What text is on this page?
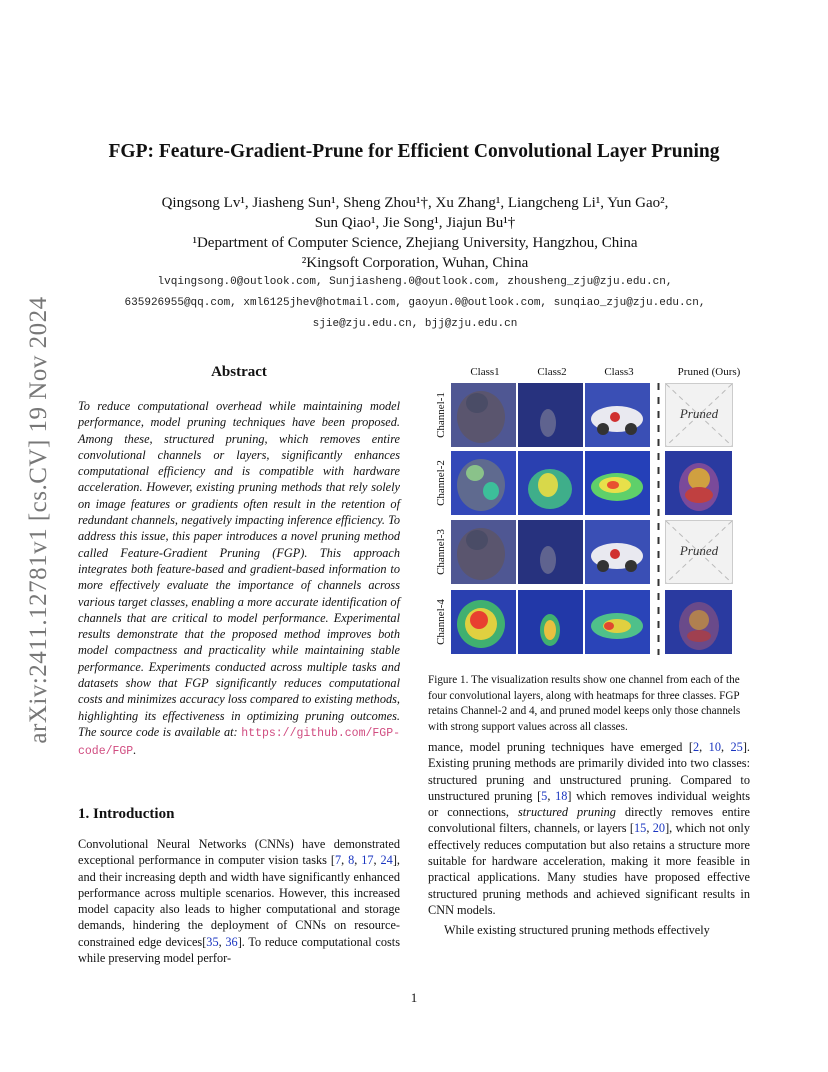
arXiv:2411.12781v1 [cs.CV] 19 Nov 2024
FGP: Feature-Gradient-Prune for Efficient Convolutional Layer Pruning
Qingsong Lv¹, Jiasheng Sun¹, Sheng Zhou¹†, Xu Zhang¹, Liangcheng Li¹, Yun Gao²,
Sun Qiao¹, Jie Song¹, Jiajun Bu¹†
¹Department of Computer Science, Zhejiang University, Hangzhou, China
²Kingsoft Corporation, Wuhan, China
lvqingsong.0@outlook.com, Sunjiasheng.0@outlook.com, zhousheng_zju@zju.edu.cn,
635926955@qq.com, xml6125jhev@hotmail.com, gaoyun.0@outlook.com, sunqiao_zju@zju.edu.cn,
sjie@zju.edu.cn, bjj@zju.edu.cn
Abstract
To reduce computational overhead while maintaining model performance, model pruning techniques have been proposed. Among these, structured pruning, which removes entire convolutional channels or layers, significantly enhances computational efficiency and is compatible with hardware acceleration. However, existing pruning methods that rely solely on image features or gradients often result in the retention of redundant channels, negatively impacting inference efficiency. To address this issue, this paper introduces a novel pruning method called Feature-Gradient Pruning (FGP). This approach integrates both feature-based and gradient-based information to more effectively evaluate the importance of channels across various target classes, enabling a more accurate identification of channels that are critical to model performance. Experimental results demonstrate that the proposed method improves both model compactness and practicality while maintaining stable performance. Experiments conducted across multiple tasks and datasets show that FGP significantly reduces computational costs and minimizes accuracy loss compared to existing methods, highlighting its effectiveness in optimizing pruning outcomes. The source code is available at: https://github.com/FGP-code/FGP.
1. Introduction
Convolutional Neural Networks (CNNs) have demonstrated exceptional performance in computer vision tasks [7, 8, 17, 24], and their increasing depth and width have significantly enhanced performance across multiple scenarios. However, this increased model capacity also leads to higher computational and storage demands, hindering the deployment of CNNs on resource-constrained edge devices[35, 36]. To reduce computational costs while preserving model perfor-
Class1	Class2	Class3	Pruned (Ours)
Channel-1
Channel-2
Channel-3
Channel-4
Pruned
Pruned
Figure 1. The visualization results show one channel from each of the four convolutional layers, along with heatmaps for three classes. FGP retains Channel-2 and 4, and pruned model keeps only those channels with strong support values across all classes.

mance, model pruning techniques have emerged [2, 10, 25]. Existing pruning methods are primarily divided into two classes: structured pruning and unstructured pruning. Compared to unstructured pruning [5, 18] which removes individual weights or connections, structured pruning directly removes entire convolutional filters, channels, or layers [15, 20], which not only effectively reduces computation but also retains a structure more suitable for hardware acceleration, making it more feasible in practical applications. Many studies have proposed effective structured pruning methods and achieved significant results in CNN models.

While existing structured pruning methods effectively

1
